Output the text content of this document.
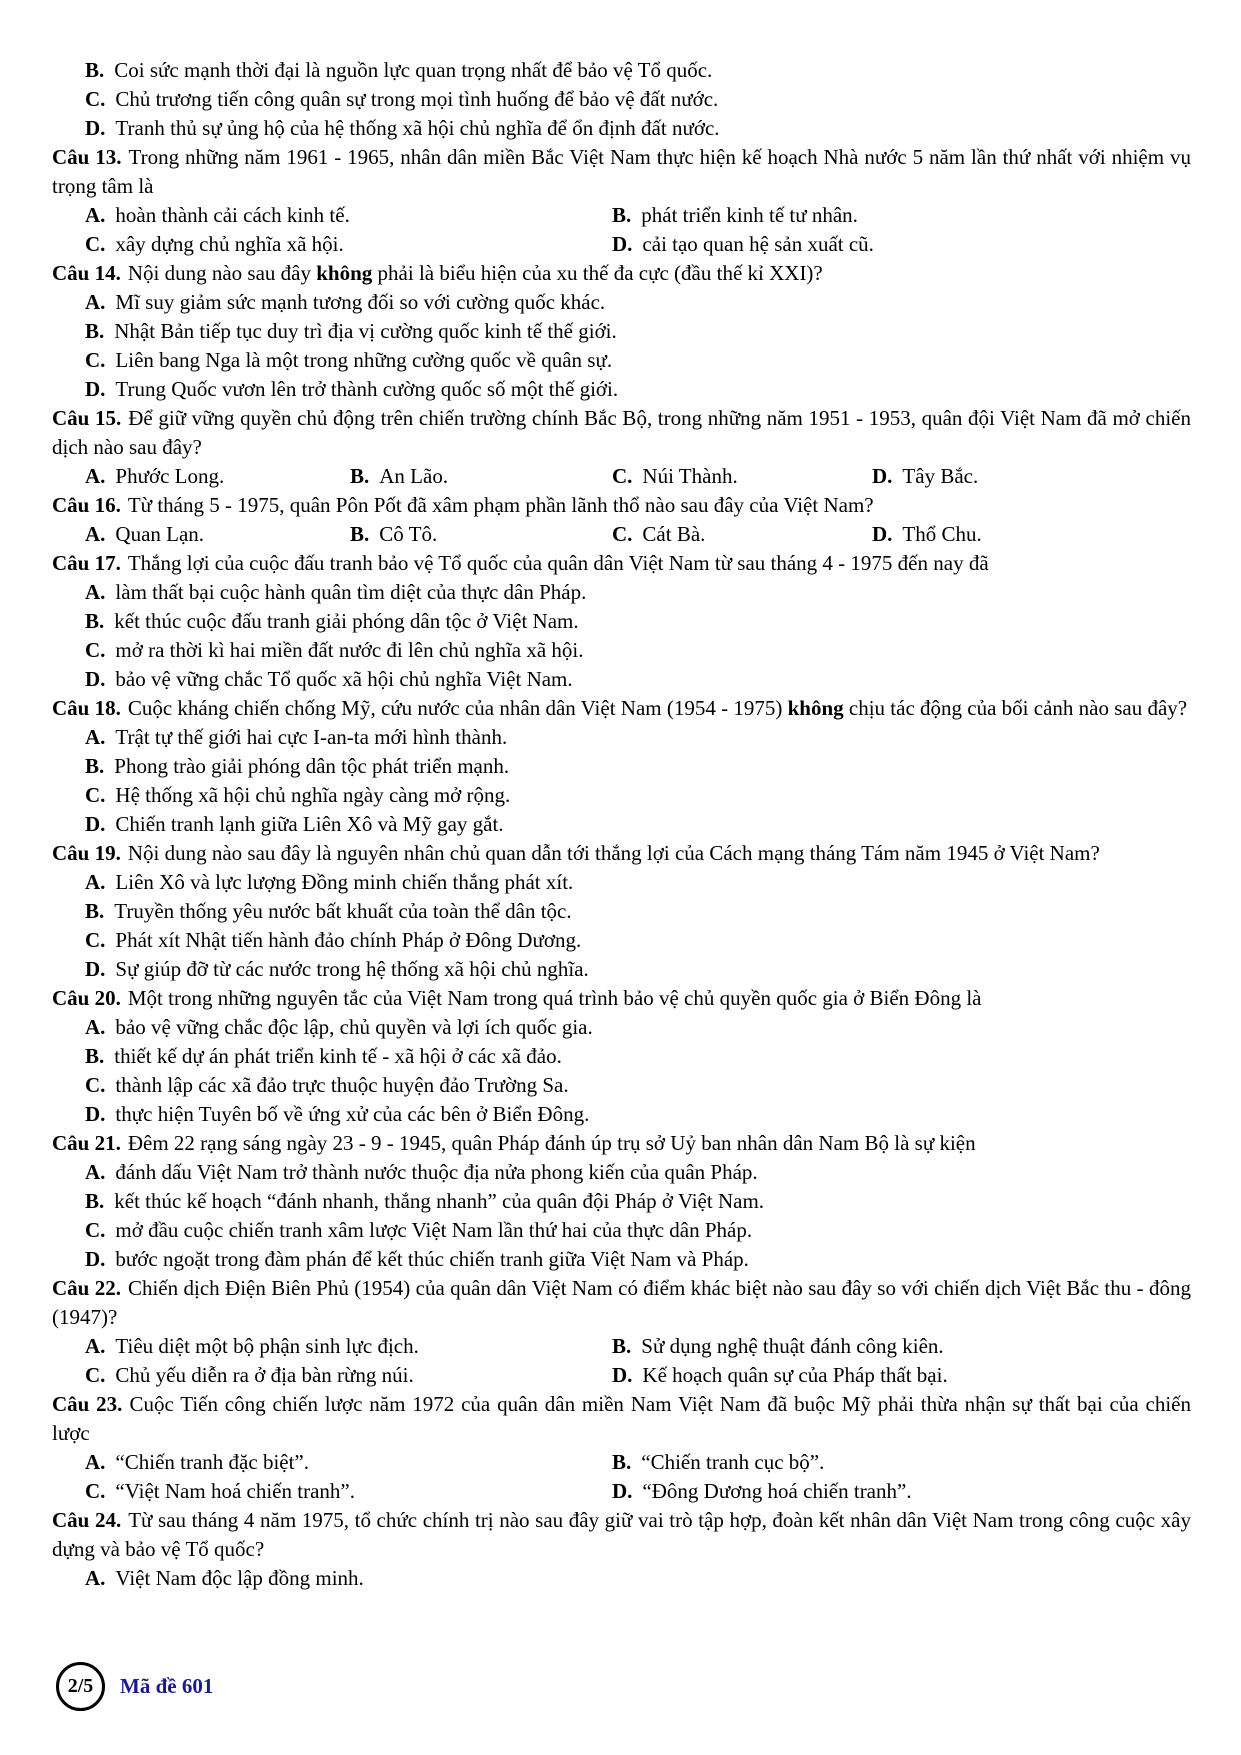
B. Coi sức mạnh thời đại là nguồn lực quan trọng nhất để bảo vệ Tổ quốc.
C. Chủ trương tiến công quân sự trong mọi tình huống để bảo vệ đất nước.
D. Tranh thủ sự ủng hộ của hệ thống xã hội chủ nghĩa để ổn định đất nước.

Câu 13. Trong những năm 1961 - 1965, nhân dân miền Bắc Việt Nam thực hiện kế hoạch Nhà nước 5 năm lần thứ nhất với nhiệm vụ trọng tâm là

A. hoàn thành cải cách kinh tế.	B. phát triển kinh tế tư nhân.
C. xây dựng chủ nghĩa xã hội.	D. cải tạo quan hệ sản xuất cũ.

Câu 14. Nội dung nào sau đây không phải là biểu hiện của xu thế đa cực (đầu thế kỉ XXI)?

A. Mĩ suy giảm sức mạnh tương đối so với cường quốc khác.
B. Nhật Bản tiếp tục duy trì địa vị cường quốc kinh tế thế giới.
C. Liên bang Nga là một trong những cường quốc về quân sự.
D. Trung Quốc vươn lên trở thành cường quốc số một thế giới.

Câu 15. Để giữ vững quyền chủ động trên chiến trường chính Bắc Bộ, trong những năm 1951 - 1953, quân đội Việt Nam đã mở chiến dịch nào sau đây?

A. Phước Long.	B. An Lão.	C. Núi Thành.	D. Tây Bắc.

Câu 16. Từ tháng 5 - 1975, quân Pôn Pốt đã xâm phạm phần lãnh thổ nào sau đây của Việt Nam?

A. Quan Lạn.	B. Cô Tô.	C. Cát Bà.	D. Thổ Chu.

Câu 17. Thắng lợi của cuộc đấu tranh bảo vệ Tổ quốc của quân dân Việt Nam từ sau tháng 4 - 1975 đến nay đã

A. làm thất bại cuộc hành quân tìm diệt của thực dân Pháp.
B. kết thúc cuộc đấu tranh giải phóng dân tộc ở Việt Nam.
C. mở ra thời kì hai miền đất nước đi lên chủ nghĩa xã hội.
D. bảo vệ vững chắc Tổ quốc xã hội chủ nghĩa Việt Nam.

Câu 18. Cuộc kháng chiến chống Mỹ, cứu nước của nhân dân Việt Nam (1954 - 1975) không chịu tác động của bối cảnh nào sau đây?

A. Trật tự thế giới hai cực I-an-ta mới hình thành.
B. Phong trào giải phóng dân tộc phát triển mạnh.
C. Hệ thống xã hội chủ nghĩa ngày càng mở rộng.
D. Chiến tranh lạnh giữa Liên Xô và Mỹ gay gắt.

Câu 19. Nội dung nào sau đây là nguyên nhân chủ quan dẫn tới thắng lợi của Cách mạng tháng Tám năm 1945 ở Việt Nam?

A. Liên Xô và lực lượng Đồng minh chiến thắng phát xít.
B. Truyền thống yêu nước bất khuất của toàn thể dân tộc.
C. Phát xít Nhật tiến hành đảo chính Pháp ở Đông Dương.
D. Sự giúp đỡ từ các nước trong hệ thống xã hội chủ nghĩa.

Câu 20. Một trong những nguyên tắc của Việt Nam trong quá trình bảo vệ chủ quyền quốc gia ở Biển Đông là

A. bảo vệ vững chắc độc lập, chủ quyền và lợi ích quốc gia.
B. thiết kế dự án phát triển kinh tế - xã hội ở các xã đảo.
C. thành lập các xã đảo trực thuộc huyện đảo Trường Sa.
D. thực hiện Tuyên bố về ứng xử của các bên ở Biển Đông.

Câu 21. Đêm 22 rạng sáng ngày 23 - 9 - 1945, quân Pháp đánh úp trụ sở Uỷ ban nhân dân Nam Bộ là sự kiện

A. đánh dấu Việt Nam trở thành nước thuộc địa nửa phong kiến của quân Pháp.
B. kết thúc kế hoạch “đánh nhanh, thắng nhanh” của quân đội Pháp ở Việt Nam.
C. mở đầu cuộc chiến tranh xâm lược Việt Nam lần thứ hai của thực dân Pháp.
D. bước ngoặt trong đàm phán để kết thúc chiến tranh giữa Việt Nam và Pháp.

Câu 22. Chiến dịch Điện Biên Phủ (1954) của quân dân Việt Nam có điểm khác biệt nào sau đây so với chiến dịch Việt Bắc thu - đông (1947)?

A. Tiêu diệt một bộ phận sinh lực địch.	B. Sử dụng nghệ thuật đánh công kiên.
C. Chủ yếu diễn ra ở địa bàn rừng núi.	D. Kế hoạch quân sự của Pháp thất bại.

Câu 23. Cuộc Tiến công chiến lược năm 1972 của quân dân miền Nam Việt Nam đã buộc Mỹ phải thừa nhận sự thất bại của chiến lược

A. “Chiến tranh đặc biệt”.	B. “Chiến tranh cục bộ”.
C. “Việt Nam hoá chiến tranh”.	D. “Đông Dương hoá chiến tranh”.

Câu 24. Từ sau tháng 4 năm 1975, tổ chức chính trị nào sau đây giữ vai trò tập hợp, đoàn kết nhân dân Việt Nam trong công cuộc xây dựng và bảo vệ Tổ quốc?

A. Việt Nam độc lập đồng minh.
2/5 Mã đề 601
